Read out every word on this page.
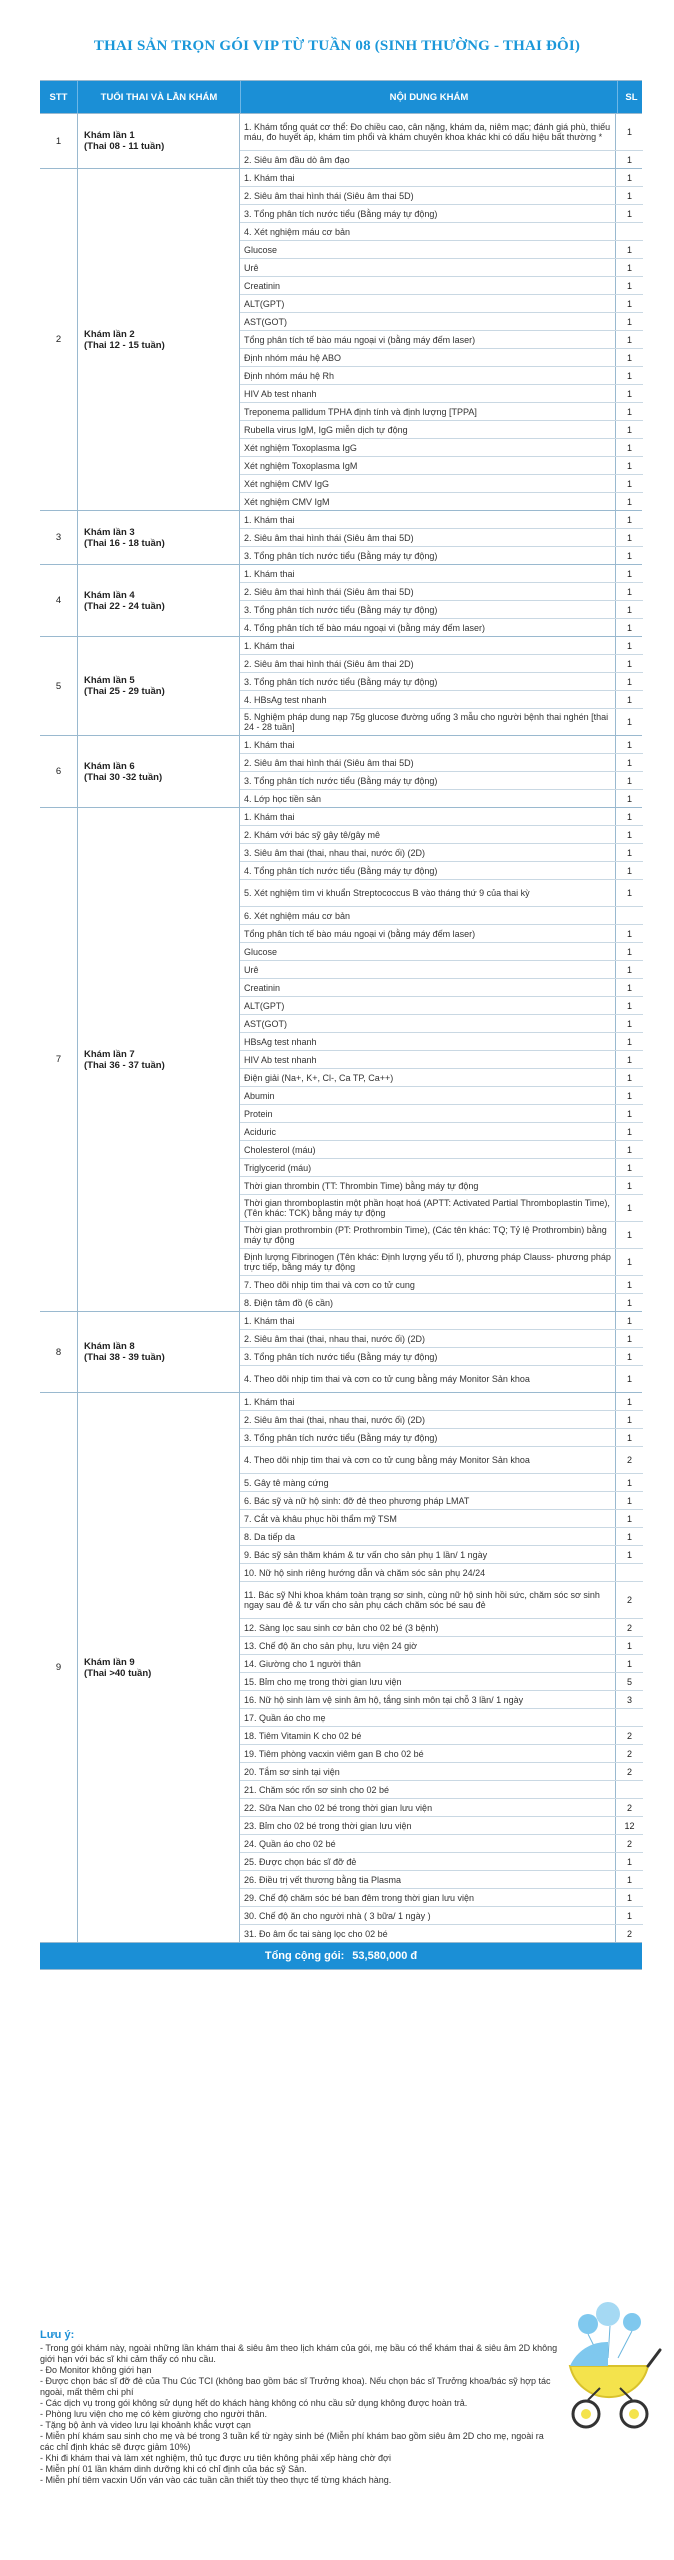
THAI SẢN TRỌN GÓI VIP TỪ TUẦN 08 (SINH THƯỜNG - THAI ĐÔI)
STT	TUỔI THAI VÀ LẦN KHÁM	NỘI DUNG KHÁM	SL
1	Khám lần 1
(Thai 08 - 11 tuần)
1. Khám tổng quát cơ thể: Đo chiều cao, cân nặng, khám da, niêm mạc; đánh giá phù, thiếu máu, đo huyết áp, khám tim phổi và khám chuyên khoa khác khi có dấu hiệu bất thường *	1
2. Siêu âm đầu dò âm đạo	1
2	Khám lần 2
(Thai 12 - 15 tuần)
1. Khám thai	1
2. Siêu âm thai hình thái (Siêu âm thai 5D)	1
3. Tổng phân tích nước tiểu (Bằng máy tự động)	1
4. Xét nghiệm máu cơ bản
Glucose	1
Urê	1
Creatinin	1
ALT(GPT)	1
AST(GOT)	1
Tổng phân tích tế bào máu ngoại vi (bằng máy đếm laser)	1
Định nhóm máu hệ ABO	1
Định nhóm máu hệ Rh	1
HIV Ab test nhanh	1
Treponema pallidum TPHA định tính và định lượng [TPPA]	1
Rubella virus IgM, IgG miễn dịch tự động	1
Xét nghiệm Toxoplasma IgG	1
Xét nghiệm Toxoplasma IgM	1
Xét nghiệm CMV IgG	1
Xét nghiệm CMV IgM	1
3	Khám lần 3
(Thai 16 - 18 tuần)
1. Khám thai	1
2. Siêu âm thai hình thái (Siêu âm thai 5D)	1
3. Tổng phân tích nước tiểu (Bằng máy tự động)	1
4	Khám lần 4
(Thai 22 - 24 tuần)
1. Khám thai	1
2. Siêu âm thai hình thái (Siêu âm thai 5D)	1
3. Tổng phân tích nước tiểu (Bằng máy tự động)	1
4. Tổng phân tích tế bào máu ngoại vi (bằng máy đếm laser)	1
5	Khám lần 5
(Thai 25 - 29 tuần)
1. Khám thai	1
2. Siêu âm thai hình thái (Siêu âm thai 2D)	1
3. Tổng phân tích nước tiểu (Bằng máy tự động)	1
4. HBsAg test nhanh	1
5. Nghiệm pháp dung nạp 75g glucose đường uống 3 mẫu cho người bệnh thai nghén [thai 24 - 28 tuần]	1
6	Khám lần 6
(Thai 30 -32 tuần)
1. Khám thai	1
2. Siêu âm thai hình thái (Siêu âm thai 5D)	1
3. Tổng phân tích nước tiểu (Bằng máy tự động)	1
4. Lớp học tiền sản	1
7	Khám lần 7
(Thai 36 - 37 tuần)
1. Khám thai	1
2. Khám với bác sỹ gây tê/gây mê	1
3. Siêu âm thai (thai, nhau thai, nước ối) (2D)	1
4. Tổng phân tích nước tiểu (Bằng máy tự động)	1
5. Xét nghiệm tìm vi khuẩn Streptococcus B vào tháng thứ 9 của thai kỳ	1
6. Xét nghiệm máu cơ bản
Tổng phân tích tế bào máu ngoại vi (bằng máy đếm laser)	1
Glucose	1
Urê	1
Creatinin	1
ALT(GPT)	1
AST(GOT)	1
HBsAg test nhanh	1
HIV Ab test nhanh	1
Điện giải (Na+, K+, Cl-, Ca TP, Ca++)	1
Abumin	1
Protein	1
Aciduric	1
Cholesterol (máu)	1
Triglycerid (máu)	1
Thời gian thrombin (TT: Thrombin Time) bằng máy tự động	1
Thời gian thromboplastin một phần hoạt hoá (APTT: Activated Partial Thromboplastin Time), (Tên khác: TCK) bằng máy tự động	1
Thời gian prothrombin (PT: Prothrombin Time), (Các tên khác: TQ; Tỷ lệ Prothrombin) bằng máy tự động	1
Định lượng Fibrinogen (Tên khác: Định lượng yếu tố I), phương pháp Clauss- phương pháp trực tiếp, bằng máy tự động	1
7. Theo dõi nhịp tim thai và cơn co tử cung	1
8. Điện tâm đồ (6 cần)	1
8	Khám lần 8
(Thai 38 - 39 tuần)
1. Khám thai	1
2. Siêu âm thai (thai, nhau thai, nước ối) (2D)	1
3. Tổng phân tích nước tiểu (Bằng máy tự động)	1
4. Theo dõi nhịp tim thai và cơn co tử cung bằng máy Monitor Sản khoa	1
9	Khám lần 9
(Thai >40 tuần)
1. Khám thai	1
2. Siêu âm thai (thai, nhau thai, nước ối) (2D)	1
3. Tổng phân tích nước tiểu (Bằng máy tự động)	1
4. Theo dõi nhịp tim thai và cơn co tử cung bằng máy Monitor Sản khoa	2
5. Gây tê màng cứng	1
6. Bác sỹ và nữ hộ sinh: đỡ đẻ theo phương pháp LMAT	1
7. Cắt và khâu phục hồi thẩm mỹ TSM	1
8. Da tiếp da	1
9. Bác sỹ sản thăm khám & tư vấn cho sản phụ 1 lần/ 1 ngày	1
10. Nữ hộ sinh riêng hướng dẫn và chăm sóc sản phụ 24/24
11. Bác sỹ Nhi khoa khám toàn trạng sơ sinh, cùng nữ hộ sinh hồi sức, chăm sóc sơ sinh ngay sau đẻ & tư vấn cho sản phụ cách chăm sóc bé sau đẻ	2
12. Sàng lọc sau sinh cơ bản cho 02 bé (3 bệnh)	2
13. Chế độ ăn cho sản phụ, lưu viện 24 giờ	1
14. Giường cho 1 người thân	1
15. Bỉm cho mẹ trong thời gian lưu viện	5
16. Nữ hộ sinh làm vệ sinh âm hộ, tắng sinh môn tại chỗ 3 lần/ 1 ngày	3
17. Quần áo cho mẹ
18. Tiêm Vitamin K cho 02 bé	2
19. Tiêm phòng vacxin viêm gan B cho 02 bé	2
20. Tắm sơ sinh tại viện	2
21. Chăm sóc rốn sơ sinh cho 02 bé
22. Sữa Nan cho 02 bé trong thời gian lưu viện	2
23. Bỉm cho 02 bé trong thời gian lưu viện	12
24. Quần áo cho 02 bé	2
25. Được chọn bác sĩ đỡ đẻ	1
26. Điều trị vết thương bằng tia Plasma	1
29. Chế độ chăm sóc bé ban đêm trong thời gian lưu viện	1
30. Chế độ ăn cho người nhà ( 3 bữa/ 1 ngày )	1
31. Đo âm ốc tai sàng lọc cho 02 bé	2
Tổng cộng gói: 53,580,000 đ
Lưu ý:
- Trong gói khám này, ngoài những lần khám thai & siêu âm theo lịch khám của gói, mẹ bầu có thể khám thai & siêu âm 2D không giới hạn với bác sĩ khi cảm thấy có nhu cầu.
- Đo Monitor không giới hạn
- Được chọn bác sĩ đỡ đẻ của Thu Cúc TCI (không bao gồm bác sĩ Trưởng khoa). Nếu chọn bác sĩ Trưởng khoa/bác sỹ hợp tác ngoài, mất thêm chi phí
- Các dịch vụ trong gói không sử dụng hết do khách hàng không có nhu cầu sử dụng không được hoàn trả.
- Phòng lưu viện cho mẹ có kèm giường cho người thân.
- Tặng bộ ảnh và video lưu lại khoảnh khắc vượt cạn
- Miễn phí khám sau sinh cho mẹ và bé trong 3 tuần kể từ ngày sinh bé (Miễn phí khám bao gồm siêu âm 2D cho mẹ, ngoài ra các chỉ định khác sẽ được giảm 10%)
- Khi đi khám thai và làm xét nghiệm, thủ tục được ưu tiên không phải xếp hàng chờ đợi
- Miễn phí 01 lần khám dinh dưỡng khi có chỉ định của bác sỹ Sản.
- Miễn phí tiêm vacxin Uốn ván vào các tuần cần thiết tùy theo thực tế từng khách hàng.
